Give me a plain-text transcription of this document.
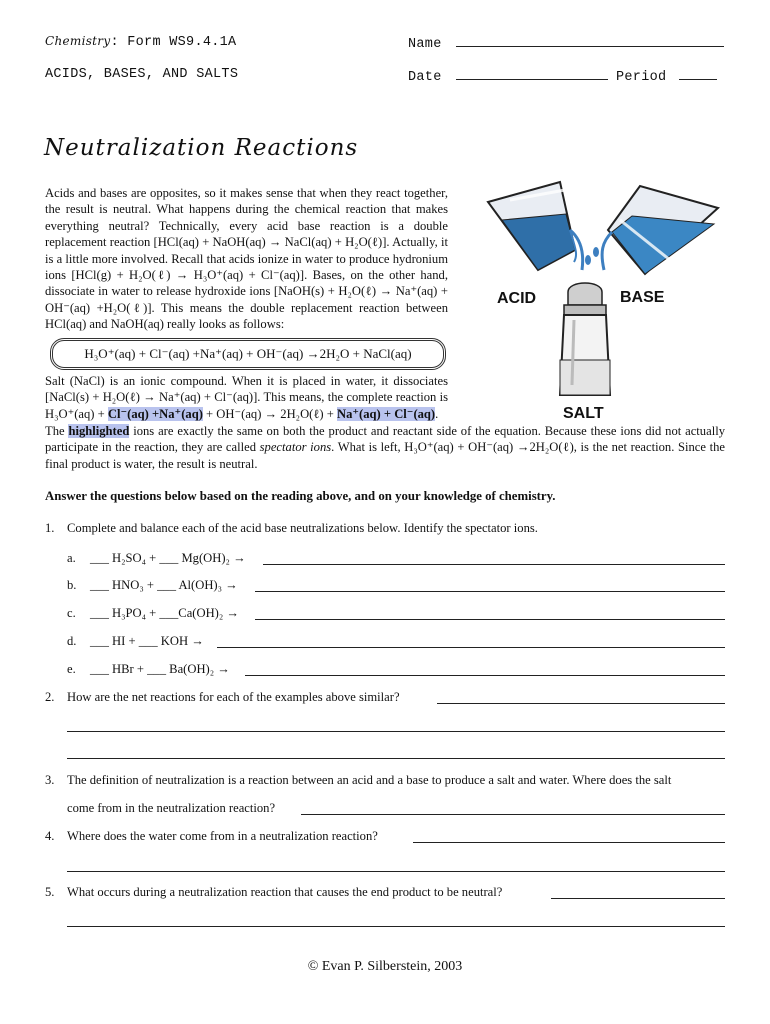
Chemistry: Form WS9.4.1A	Name
ACIDS, BASES, AND SALTS	Date	Period
Neutralization Reactions
ACID	BASE
SALT
Acids and bases are opposites, so it makes sense that when they react together, the result is neutral. What happens during the chemical reaction that makes everything neutral? Technically, every acid base reaction is a double replacement reaction [HCl(aq) + NaOH(aq) → NaCl(aq) + H₂O(ℓ)]. Actually, it is a little more involved. Recall that acids ionize in water to produce hydronium ions [HCl(g) + H₂O(ℓ) → H₃O⁺(aq) + Cl⁻(aq)]. Bases, on the other hand, dissociate in water to release hydroxide ions [NaOH(s) + H₂O(ℓ) → Na⁺(aq) + OH⁻(aq) +H₂O(ℓ)]. This means the double replacement reaction between HCl(aq) and NaOH(aq) really looks as follows:
H₃O⁺(aq) + Cl⁻(aq) +Na⁺(aq) + OH⁻(aq) →2H₂O + NaCl(aq)
Salt (NaCl) is an ionic compound. When it is placed in water, it dissociates [NaCl(s) + H₂O(ℓ) → Na⁺(aq) + Cl⁻(aq)]. This means, the complete reaction is H₃O⁺(aq) + Cl⁻(aq) +Na⁺(aq) + OH⁻(aq) → 2H₂O(ℓ) + Na⁺(aq) + Cl⁻(aq).
The highlighted ions are exactly the same on both the product and reactant side of the equation. Because these ions did not actually participate in the reaction, they are called spectator ions. What is left, H₃O⁺(aq) + OH⁻(aq) →2H₂O(ℓ), is the net reaction. Since the final product is water, the result is neutral.
Answer the questions below based on the reading above, and on your knowledge of chemistry.
1. Complete and balance each of the acid base neutralizations below. Identify the spectator ions.
a. ___ H₂SO₄ + ___ Mg(OH)₂ →
b. ___ HNO₃ + ___ Al(OH)₃ →
c. ___ H₃PO₄ + ___Ca(OH)₂ →
d. ___ HI + ___ KOH →
e. ___ HBr + ___ Ba(OH)₂ →
2. How are the net reactions for each of the examples above similar?
3. The definition of neutralization is a reaction between an acid and a base to produce a salt and water. Where does the salt
come from in the neutralization reaction?
4. Where does the water come from in a neutralization reaction?
5. What occurs during a neutralization reaction that causes the end product to be neutral?
© Evan P. Silberstein, 2003
